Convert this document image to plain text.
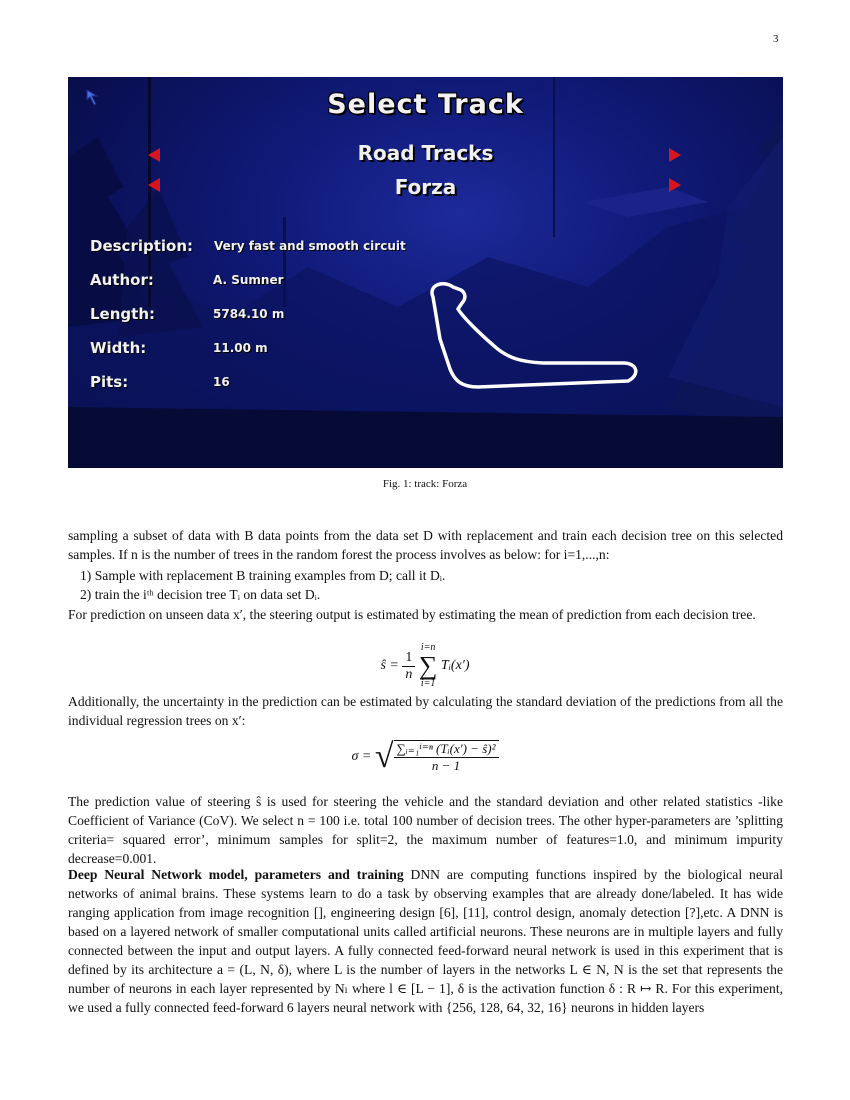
3
Select Track
Road Tracks
Forza
Description: Very fast and smooth circuit
Author:	A. Sumner
Length:	5784.10 m
Width:	11.00 m
Pits:	16
Fig. 1: track: Forza
sampling a subset of data with B data points from the data set D with replacement and train each decision tree on this selected samples. If n is the number of trees in the random forest the process involves as below: for i=1,...,n:
1) Sample with replacement B training examples from D; call it Dᵢ.
2) train the iᵗʰ decision tree Tᵢ on data set Dᵢ.
For prediction on unseen data x′, the steering output is estimated by estimating the mean of prediction from each decision tree.
ŝ = $\frac{1}{n}$
i=n
∑
i=1 Tᵢ(x′)
Additionally, the uncertainty in the prediction can be estimated by calculating the standard deviation of the predictions from all the individual regression trees on x′:
σ = √ $\frac{\text{∑ᵢ₌₁ⁱ⁼ⁿ (Tᵢ(x′) − ŝ)²}}{n - 1}$
The prediction value of steering ŝ is used for steering the vehicle and the standard deviation and other related statistics -like Coefficient of Variance (CoV). We select n = 100 i.e. total 100 number of decision trees. The other hyper-parameters are ’splitting criteria= squared error’, minimum samples for split=2, the maximum number of features=1.0, and minimum impurity decrease=0.001.
Deep Neural Network model, parameters and training DNN are computing functions inspired by the biological neural networks of animal brains. These systems learn to do a task by observing examples that are already done/labeled. It has wide ranging application from image recognition [], engineering design [6], [11], control design, anomaly detection [?],etc. A DNN is based on a layered network of smaller computational units called artificial neurons. These neurons are in multiple layers and fully connected between the input and output layers. A fully connected feed-forward neural network is used in this experiment that is defined by its architecture a = (L, N, δ), where L is the number of layers in the networks L ∈ N, N is the set that represents the number of neurons in each layer represented by Nₗ where l ∈ [L − 1], δ is the activation function δ : R ↦ R. For this experiment, we used a fully connected feed-forward 6 layers neural network with {256, 128, 64, 32, 16} neurons in hidden layers
